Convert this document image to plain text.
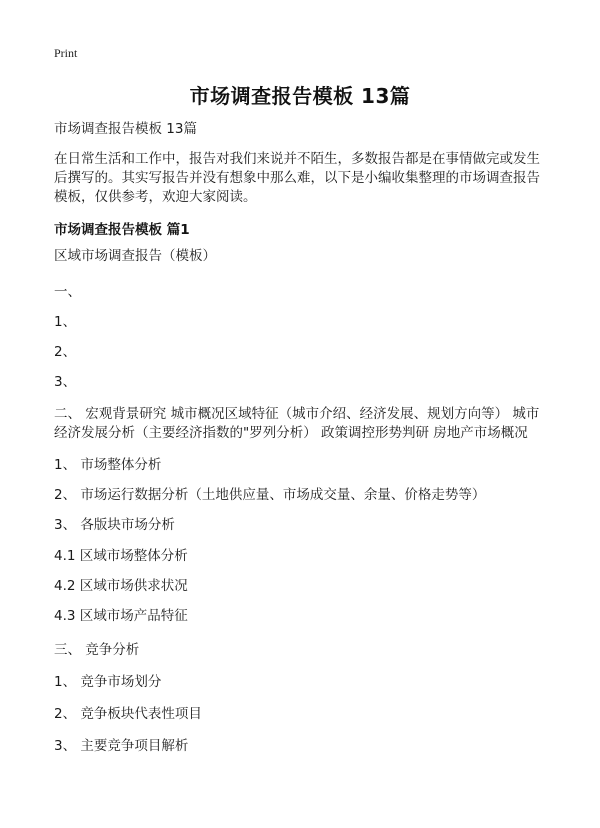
Print
市场调查报告模板 13篇
市场调查报告模板 13篇
在日常生活和工作中，报告对我们来说并不陌生，多数报告都是在事情做完或发生
后撰写的。其实写报告并没有想象中那么难，以下是小编收集整理的市场调查报告
模板，仅供参考，欢迎大家阅读。
市场调查报告模板 篇1
区域市场调查报告（模板）
一、
1、
2、
3、
二、 宏观背景研究 城市概况区域特征（城市介绍、经济发展、规划方向等） 城市
经济发展分析（主要经济指数的"罗列分析） 政策调控形势判研 房地产市场概况
1、 市场整体分析
2、 市场运行数据分析（土地供应量、市场成交量、余量、价格走势等）
3、 各版块市场分析
4.1 区域市场整体分析
4.2 区域市场供求状况
4.3 区域市场产品特征
三、 竞争分析
1、 竞争市场划分
2、 竞争板块代表性项目
3、 主要竞争项目解析
